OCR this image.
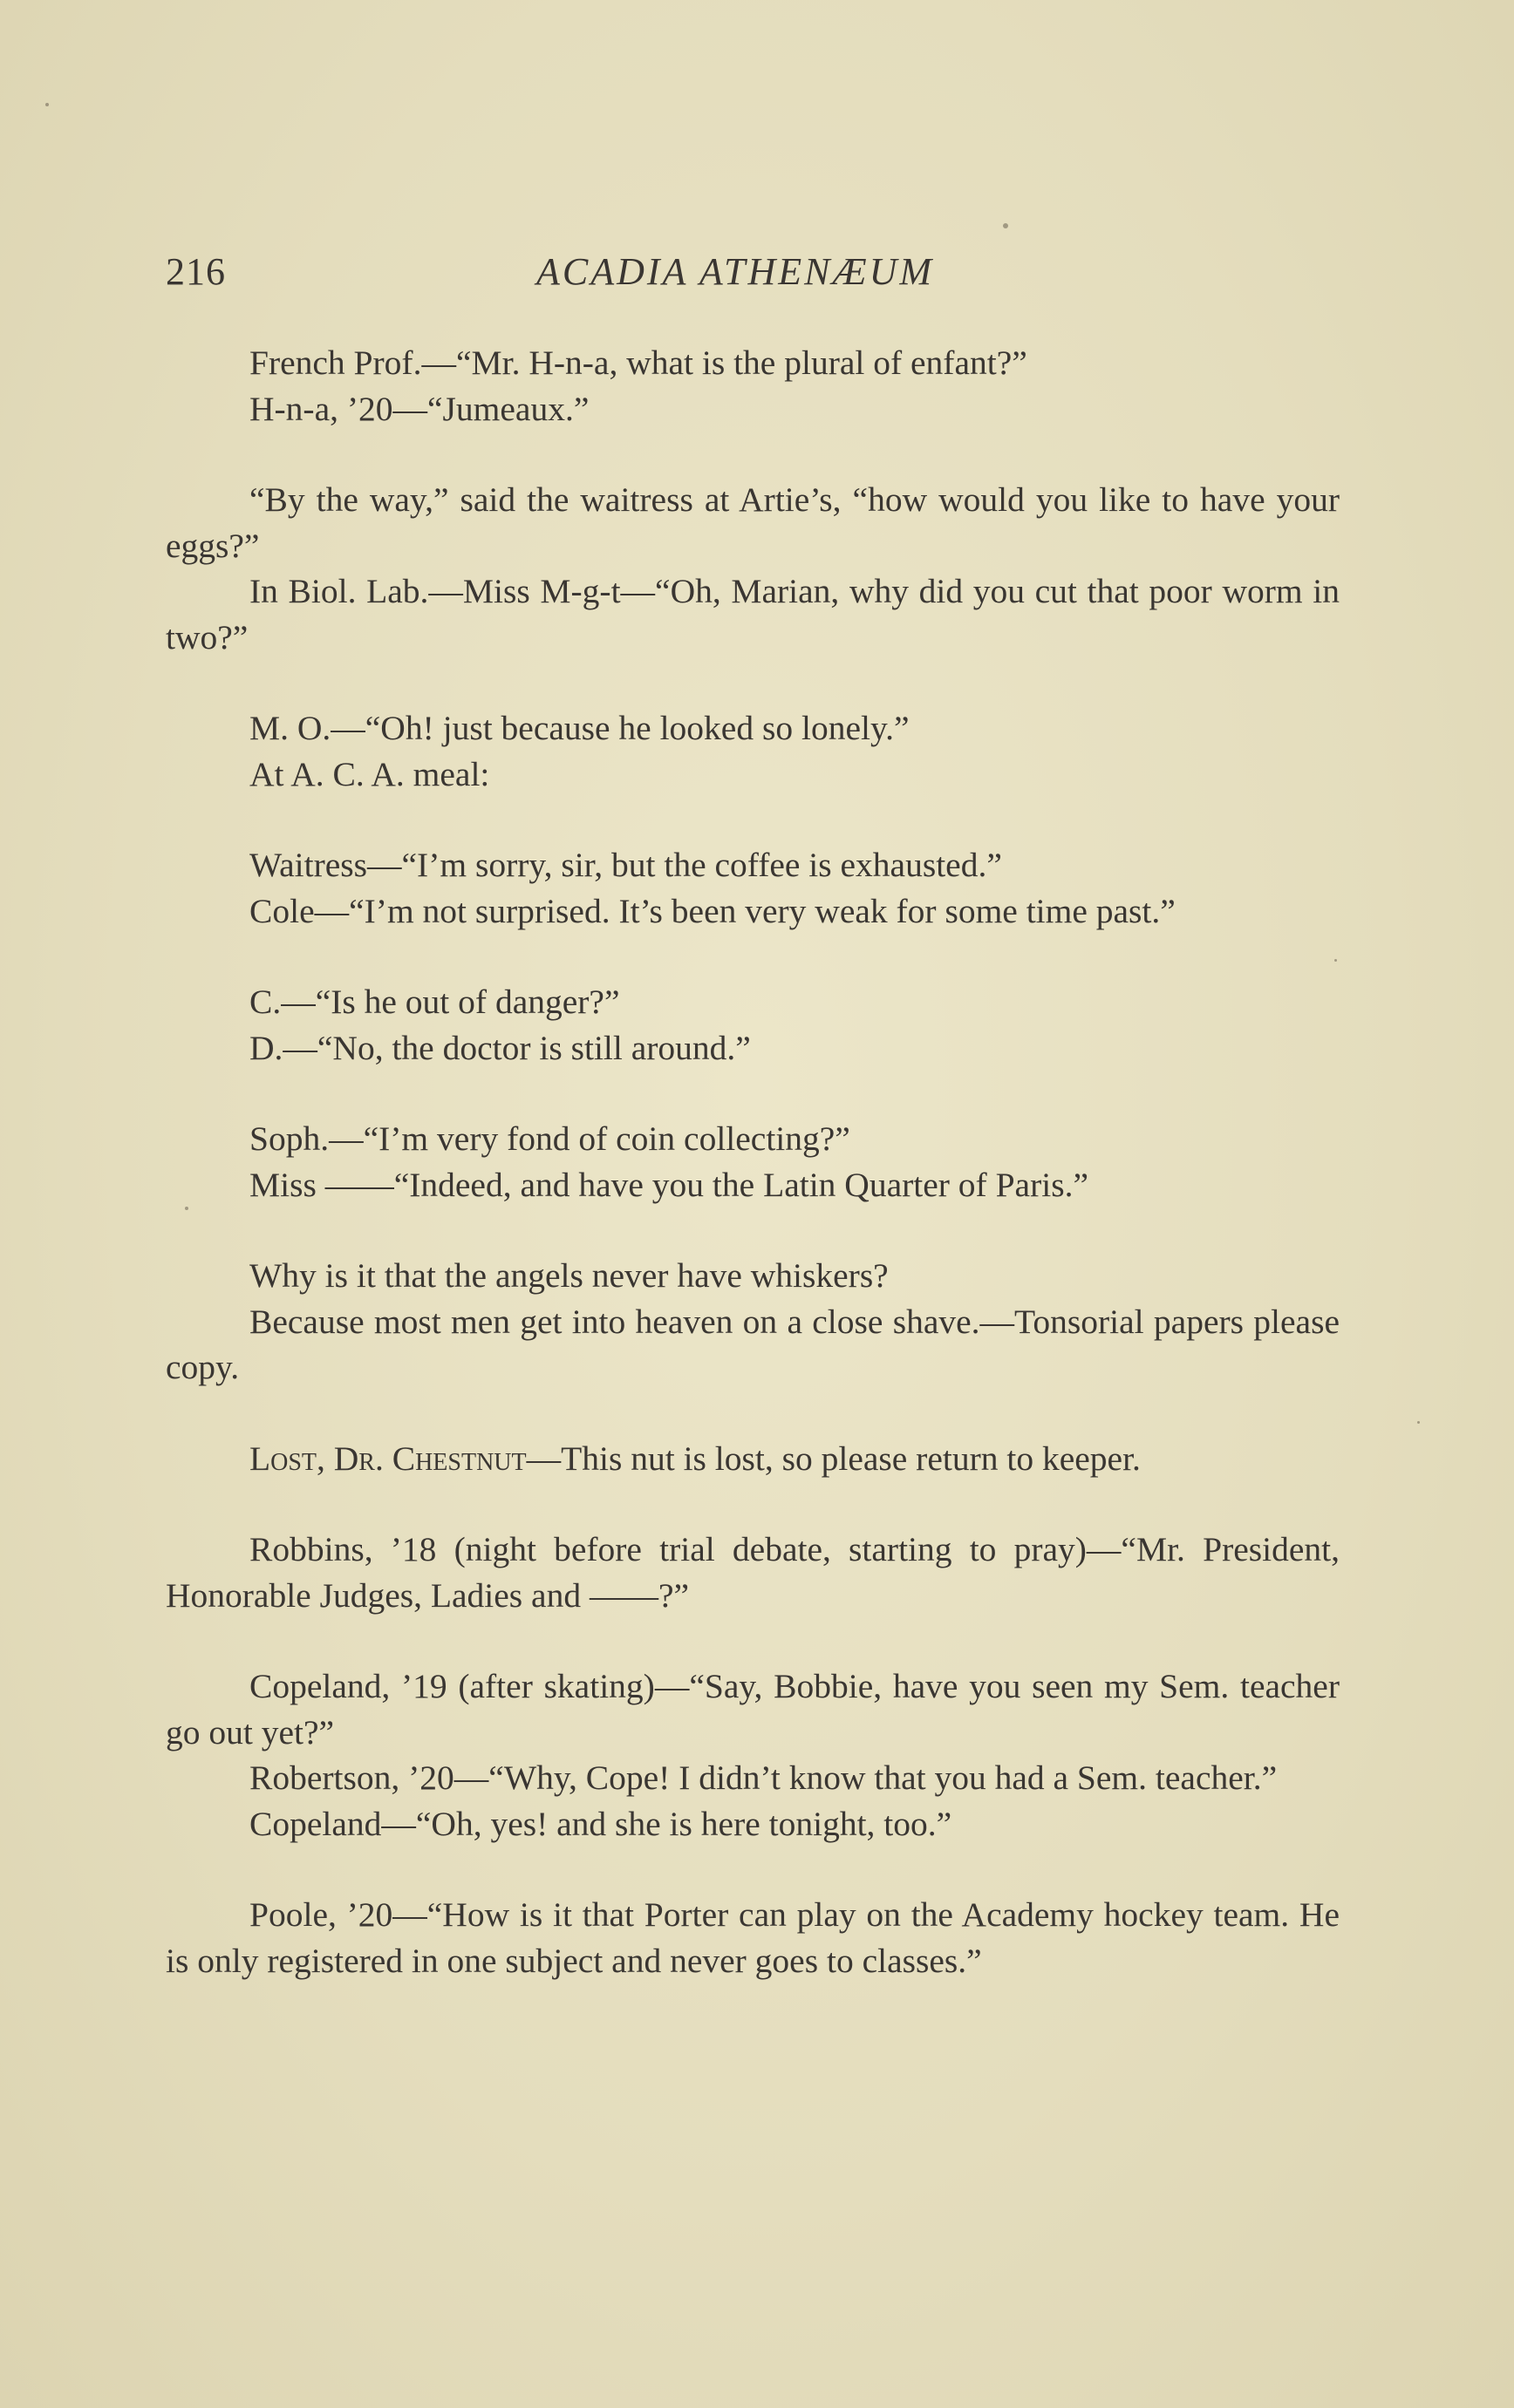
216	ACADIA ATHENÆUM

French Prof.—“Mr. H-n-a, what is the plural of enfant?”

H-n-a, ’20—“Jumeaux.”

“By the way,” said the waitress at Artie’s, “how would you like to have your eggs?”

In Biol. Lab.—Miss M-g-t—“Oh, Marian, why did you cut that poor worm in two?”

M. O.—“Oh! just because he looked so lonely.”

At A. C. A. meal:

Waitress—“I’m sorry, sir, but the coffee is exhausted.”

Cole—“I’m not surprised. It’s been very weak for some time past.”

C.—“Is he out of danger?”

D.—“No, the doctor is still around.”

Soph.—“I’m very fond of coin collecting?”

Miss ——“Indeed, and have you the Latin Quarter of Paris.”

Why is it that the angels never have whiskers?

Because most men get into heaven on a close shave.—Tonsorial papers please copy.

Lost, Dr. Chestnut—This nut is lost, so please return to keeper.

Robbins, ’18 (night before trial debate, starting to pray)—“Mr. President, Honorable Judges, Ladies and ——?”

Copeland, ’19 (after skating)—“Say, Bobbie, have you seen my Sem. teacher go out yet?”

Robertson, ’20—“Why, Cope! I didn’t know that you had a Sem. teacher.”

Copeland—“Oh, yes! and she is here tonight, too.”

Poole, ’20—“How is it that Porter can play on the Academy hockey team. He is only registered in one subject and never goes to classes.”
